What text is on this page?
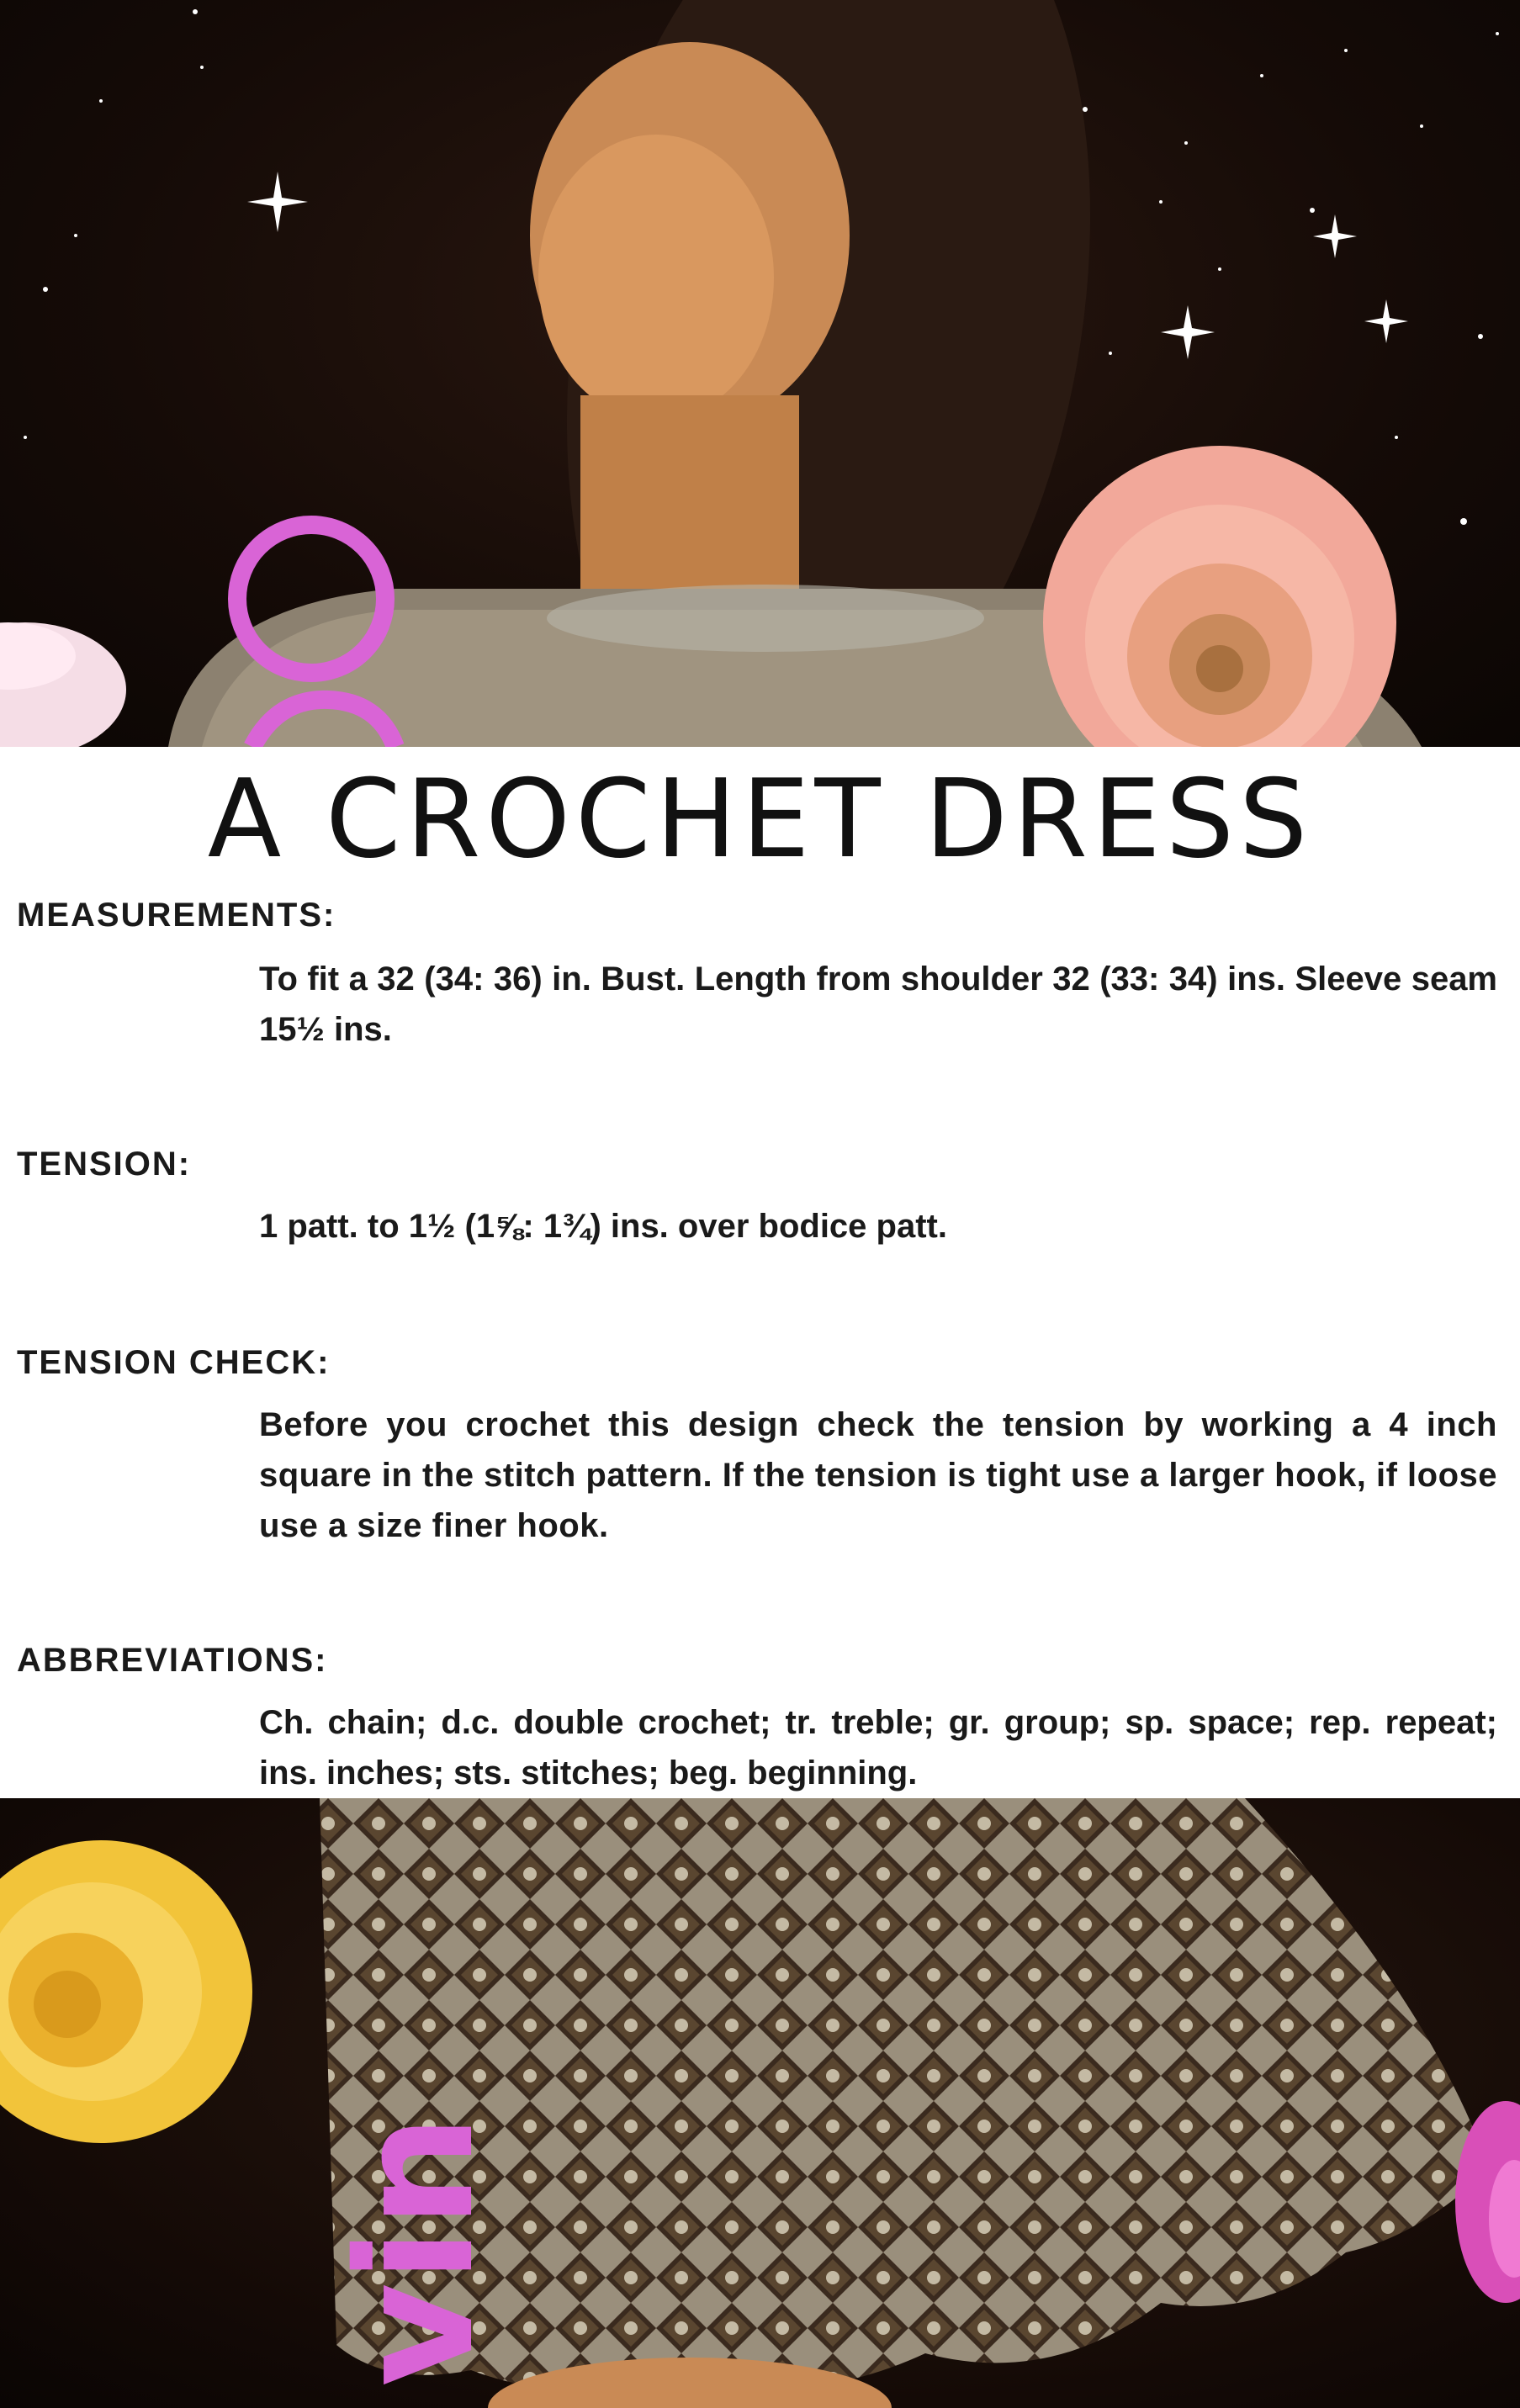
A CROCHET DRESS
MEASUREMENTS:
To fit a 32 (34: 36) in. Bust. Length from shoulder 32 (33: 34) ins. Sleeve seam 15½ ins.
TENSION:
1 patt. to 1½ (1⅝: 1¾) ins. over bodice patt.
TENSION CHECK:
Before you crochet this design check the tension by working a 4 inch square in the stitch pattern. If the tension is tight use a larger hook, if loose use a size finer hook.
ABBREVIATIONS:
Ch. chain; d.c. double crochet; tr. treble; gr. group; sp. space; rep. repeat; ins. inches; sts. stitches; beg. beginning.
vin
